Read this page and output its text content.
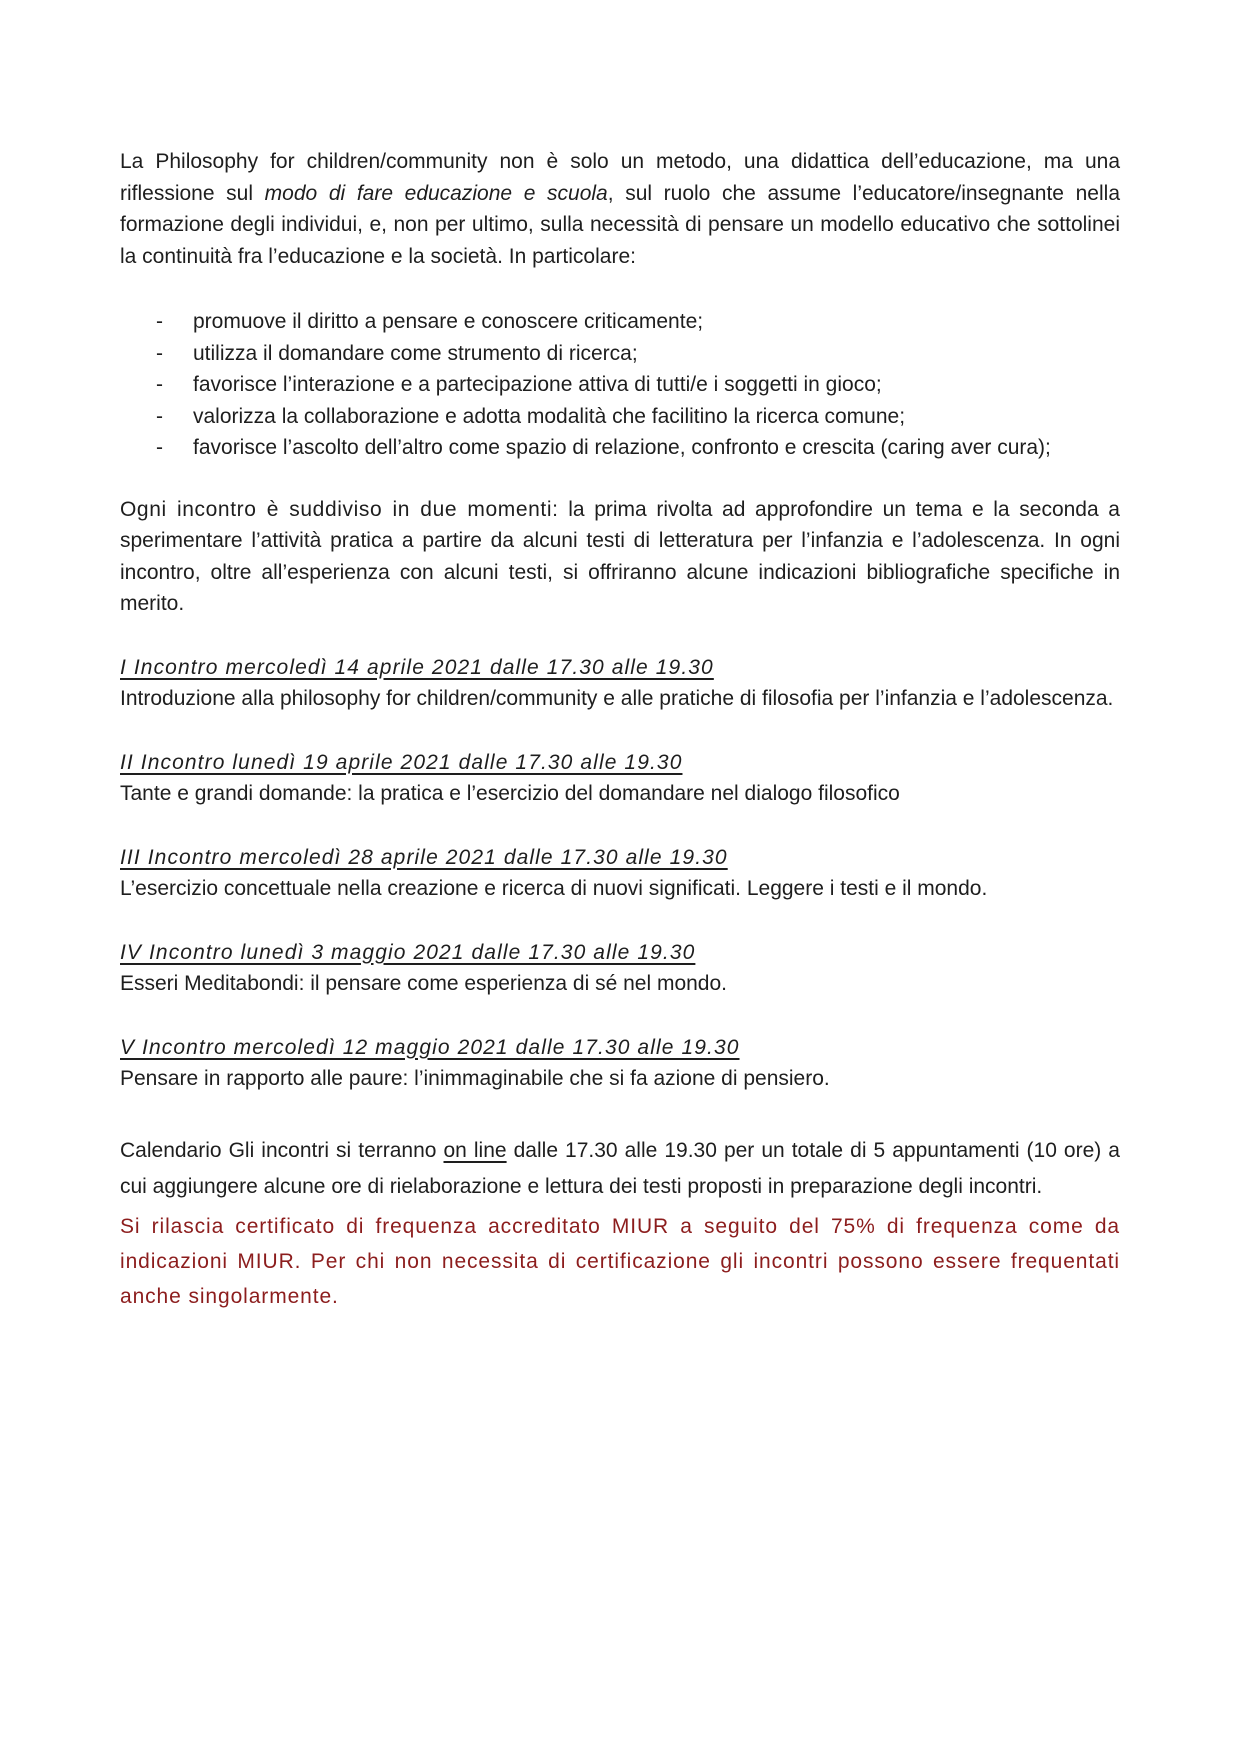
La Philosophy for children/community non è solo un metodo, una didattica dell’educazione, ma una riflessione sul modo di fare educazione e scuola, sul ruolo che assume l’educatore/insegnante nella formazione degli individui, e, non per ultimo, sulla necessità di pensare un modello educativo che sottolinei la continuità fra l’educazione e la società. In particolare:

- promuove il diritto a pensare e conoscere criticamente;
- utilizza il domandare come strumento di ricerca;
- favorisce l’interazione e a partecipazione attiva di tutti/e i soggetti in gioco;
- valorizza la collaborazione e adotta modalità che facilitino la ricerca comune;
- favorisce l’ascolto dell’altro come spazio di relazione, confronto e crescita (caring aver cura);

Ogni incontro è suddiviso in due momenti: la prima rivolta ad approfondire un tema e la seconda a sperimentare l’attività pratica a partire da alcuni testi di letteratura per l’infanzia e l’adolescenza. In ogni incontro, oltre all’esperienza con alcuni testi, si offriranno alcune indicazioni bibliografiche specifiche in merito.

I Incontro mercoledì 14 aprile 2021 dalle 17.30 alle 19.30

Introduzione alla philosophy for children/community e alle pratiche di filosofia per l’infanzia e l’adolescenza.

II Incontro lunedì 19 aprile 2021 dalle 17.30 alle 19.30

Tante e grandi domande: la pratica e l’esercizio del domandare nel dialogo filosofico

III Incontro mercoledì 28 aprile 2021 dalle 17.30 alle 19.30

L’esercizio concettuale nella creazione e ricerca di nuovi significati. Leggere i testi e il mondo.

IV Incontro lunedì 3 maggio 2021 dalle 17.30 alle 19.30

Esseri Meditabondi: il pensare come esperienza di sé nel mondo.

V Incontro mercoledì 12 maggio 2021 dalle 17.30 alle 19.30

Pensare in rapporto alle paure: l’inimmaginabile che si fa azione di pensiero.

Calendario Gli incontri si terranno on line dalle 17.30 alle 19.30 per un totale di 5 appuntamenti (10 ore) a cui aggiungere alcune ore di rielaborazione e lettura dei testi proposti in preparazione degli incontri.

Si rilascia certificato di frequenza accreditato MIUR a seguito del 75% di frequenza come da indicazioni MIUR. Per chi non necessita di certificazione gli incontri possono essere frequentati anche singolarmente.
